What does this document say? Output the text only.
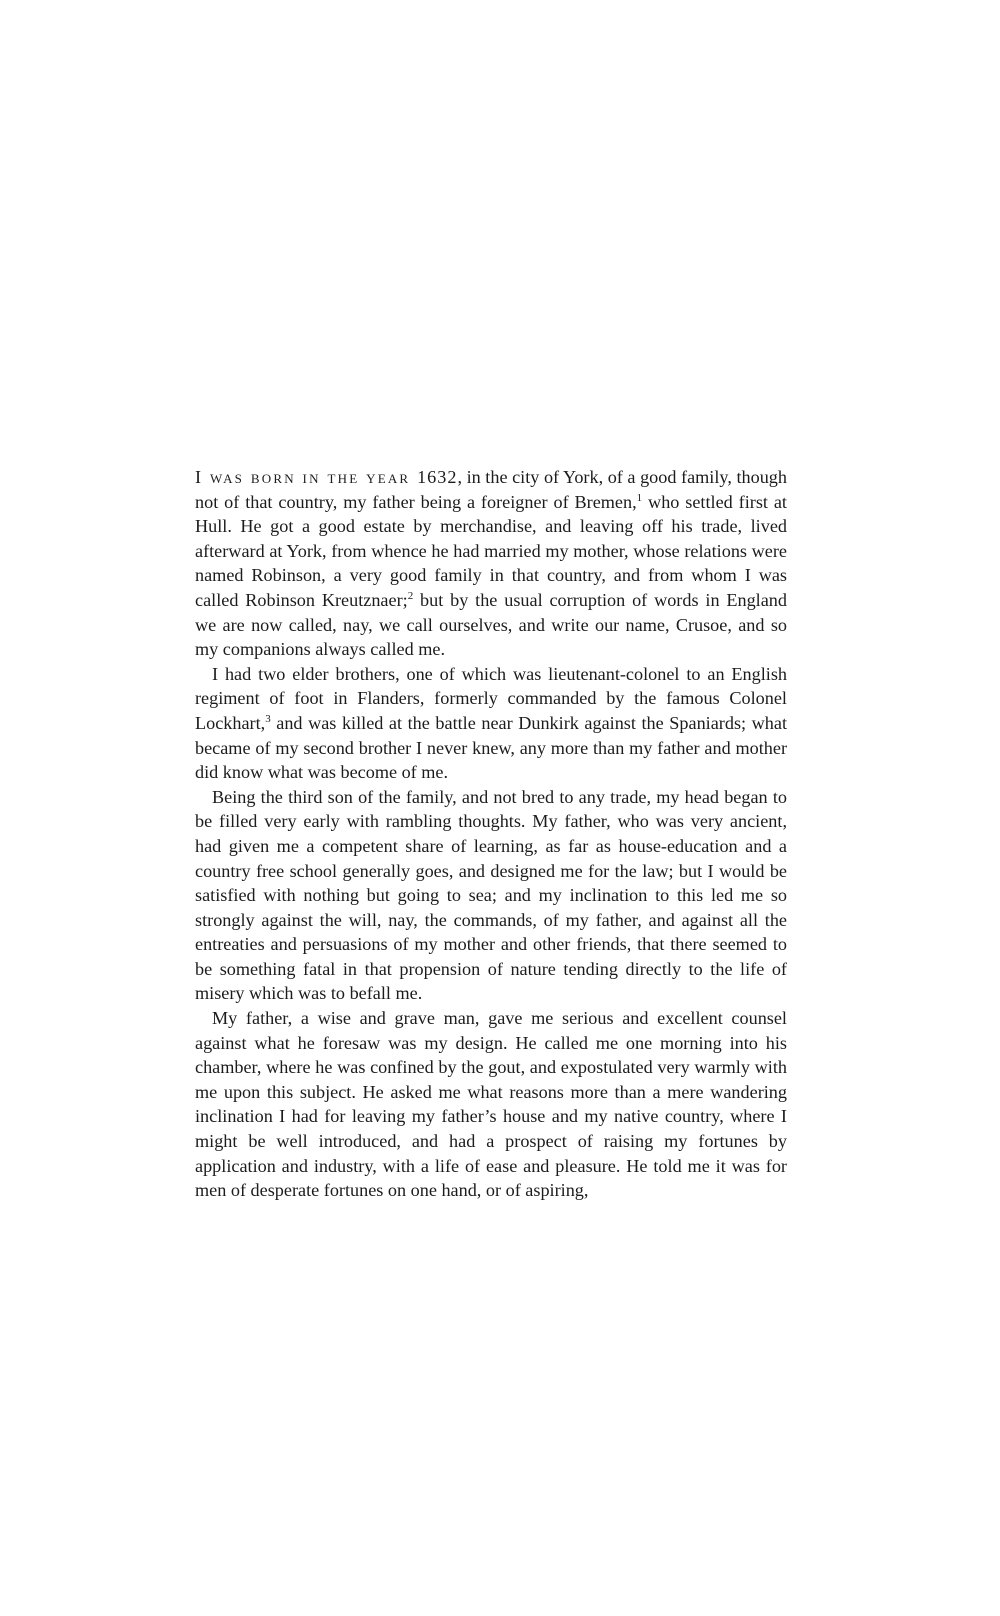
I was born in the year 1632, in the city of York, of a good family, though not of that country, my father being a foreigner of Bremen,$^1$ who settled first at Hull. He got a good estate by merchandise, and leaving off his trade, lived afterward at York, from whence he had married my mother, whose relations were named Robinson, a very good family in that country, and from whom I was called Robinson Kreutznaer;$^2$ but by the usual corruption of words in England we are now called, nay, we call ourselves, and write our name, Crusoe, and so my companions always called me.

I had two elder brothers, one of which was lieutenant-colonel to an English regiment of foot in Flanders, formerly commanded by the famous Colonel Lockhart,$^3$ and was killed at the battle near Dunkirk against the Spaniards; what became of my second brother I never knew, any more than my father and mother did know what was become of me.

Being the third son of the family, and not bred to any trade, my head began to be filled very early with rambling thoughts. My father, who was very ancient, had given me a competent share of learning, as far as house-education and a country free school generally goes, and designed me for the law; but I would be satisfied with nothing but going to sea; and my inclination to this led me so strongly against the will, nay, the commands, of my father, and against all the entreaties and persuasions of my mother and other friends, that there seemed to be something fatal in that propension of nature tending directly to the life of misery which was to befall me.

My father, a wise and grave man, gave me serious and excellent counsel against what he foresaw was my design. He called me one morning into his chamber, where he was confined by the gout, and expostulated very warmly with me upon this subject. He asked me what reasons more than a mere wandering inclination I had for leaving my father’s house and my native country, where I might be well introduced, and had a prospect of raising my fortunes by application and industry, with a life of ease and pleasure. He told me it was for men of desperate fortunes on one hand, or of aspiring,
